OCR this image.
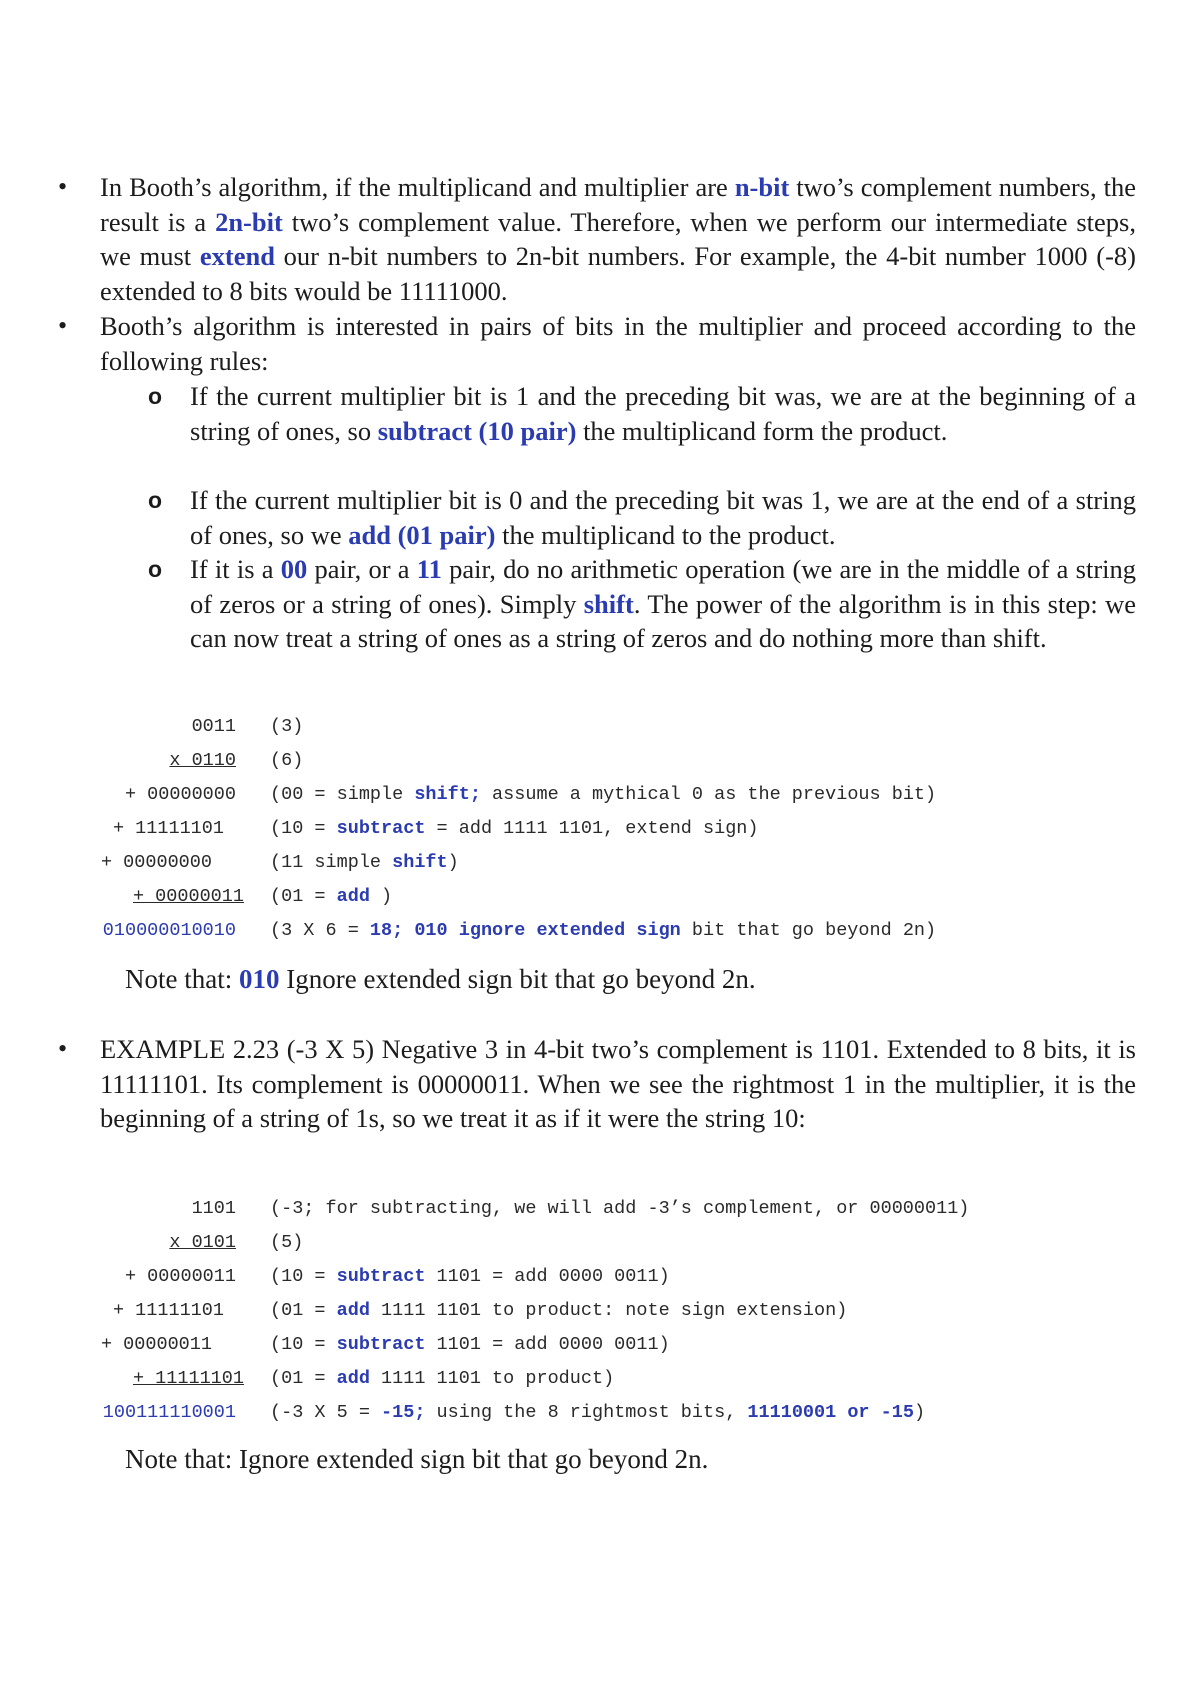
• In Booth’s algorithm, if the multiplicand and multiplier are n-bit two’s complement numbers, the result is a 2n-bit two’s complement value. Therefore, when we perform our intermediate steps, we must extend our n-bit numbers to 2n-bit numbers. For example, the 4-bit number 1000 (-8) extended to 8 bits would be 11111000.
• Booth’s algorithm is interested in pairs of bits in the multiplier and proceed according to the following rules:
o If the current multiplier bit is 1 and the preceding bit was, we are at the beginning of a string of ones, so subtract (10 pair) the multiplicand form the product.
o If the current multiplier bit is 0 and the preceding bit was 1, we are at the end of a string of ones, so we add (01 pair) the multiplicand to the product.
o If it is a 00 pair, or a 11 pair, do no arithmetic operation (we are in the middle of a string of zeros or a string of ones). Simply shift. The power of the algorithm is in this step: we can now treat a string of ones as a string of zeros and do nothing more than shift.
0011 (3)
x 0110 (6)
+ 00000000 (00 = simple shift; assume a mythical 0 as the previous bit)
+ 11111101 (10 = subtract = add 1111 1101, extend sign)
+ 00000000	(11 simple shift)
+ 00000011 (01 = add )
010000010010 (3 X 6 = 18; 010 ignore extended sign bit that go beyond 2n)
Note that: 010 Ignore extended sign bit that go beyond 2n.
• EXAMPLE 2.23 (-3 X 5) Negative 3 in 4-bit two’s complement is 1101. Extended to 8 bits, it is 11111101. Its complement is 00000011. When we see the rightmost 1 in the multiplier, it is the beginning of a string of 1s, so we treat it as if it were the string 10:
1101 (-3; for subtracting, we will add -3’s complement, or 00000011)
x 0101 (5)
+ 00000011 (10 = subtract 1101 = add 0000 0011)
+ 11111101 (01 = add 1111 1101 to product: note sign extension)
+ 00000011	(10 = subtract 1101 = add 0000 0011)
+ 11111101 (01 = add 1111 1101 to product)
100111110001 (-3 X 5 = -15; using the 8 rightmost bits, 11110001 or -15)
Note that: Ignore extended sign bit that go beyond 2n.
